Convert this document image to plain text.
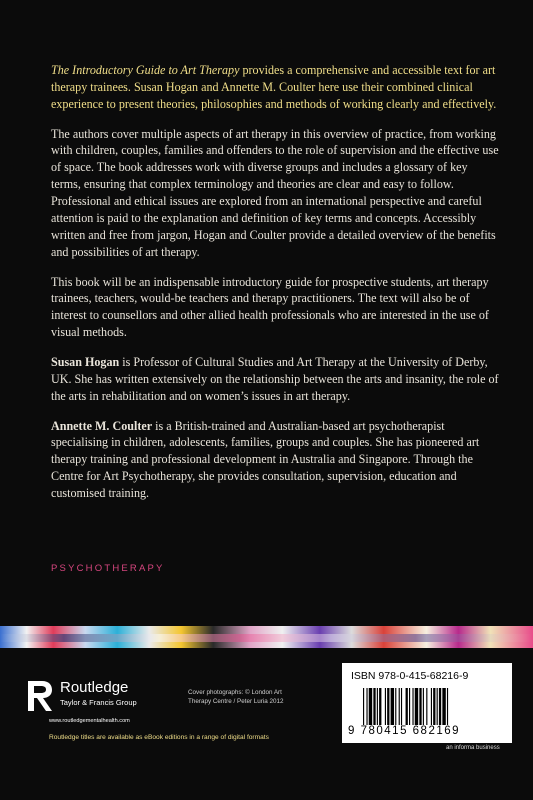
The Introductory Guide to Art Therapy provides a comprehensive and accessible text for art therapy trainees. Susan Hogan and Annette M. Coulter here use their combined clinical experience to present theories, philosophies and methods of working clearly and effectively.

The authors cover multiple aspects of art therapy in this overview of practice, from working with children, couples, families and offenders to the role of supervision and the effective use of space. The book addresses work with diverse groups and includes a glossary of key terms, ensuring that complex terminology and theories are clear and easy to follow. Professional and ethical issues are explored from an international perspective and careful attention is paid to the explanation and definition of key terms and concepts. Accessibly written and free from jargon, Hogan and Coulter provide a detailed overview of the benefits and possibilities of art therapy.

This book will be an indispensable introductory guide for prospective students, art therapy trainees, teachers, would-be teachers and therapy practitioners. The text will also be of interest to counsellors and other allied health professionals who are interested in the use of visual methods.

Susan Hogan is Professor of Cultural Studies and Art Therapy at the University of Derby, UK. She has written extensively on the relationship between the arts and insanity, the role of the arts in rehabilitation and on women’s issues in art therapy.

Annette M. Coulter is a British-trained and Australian-based art psychotherapist specialising in children, adolescents, families, groups and couples. She has pioneered art therapy training and professional development in Australia and Singapore. Through the Centre for Art Psychotherapy, she provides consultation, supervision, education and customised training.

PSYCHOTHERAPY
Routledge
Taylor & Francis Group
www.routledgementalhealth.com
Cover photographs: © London Art Therapy Centre / Peter Luria 2012
Routledge titles are available as eBook editions in a range of digital formats
ISBN 978-0-415-68216-9
9 780415 682169
an informa business
